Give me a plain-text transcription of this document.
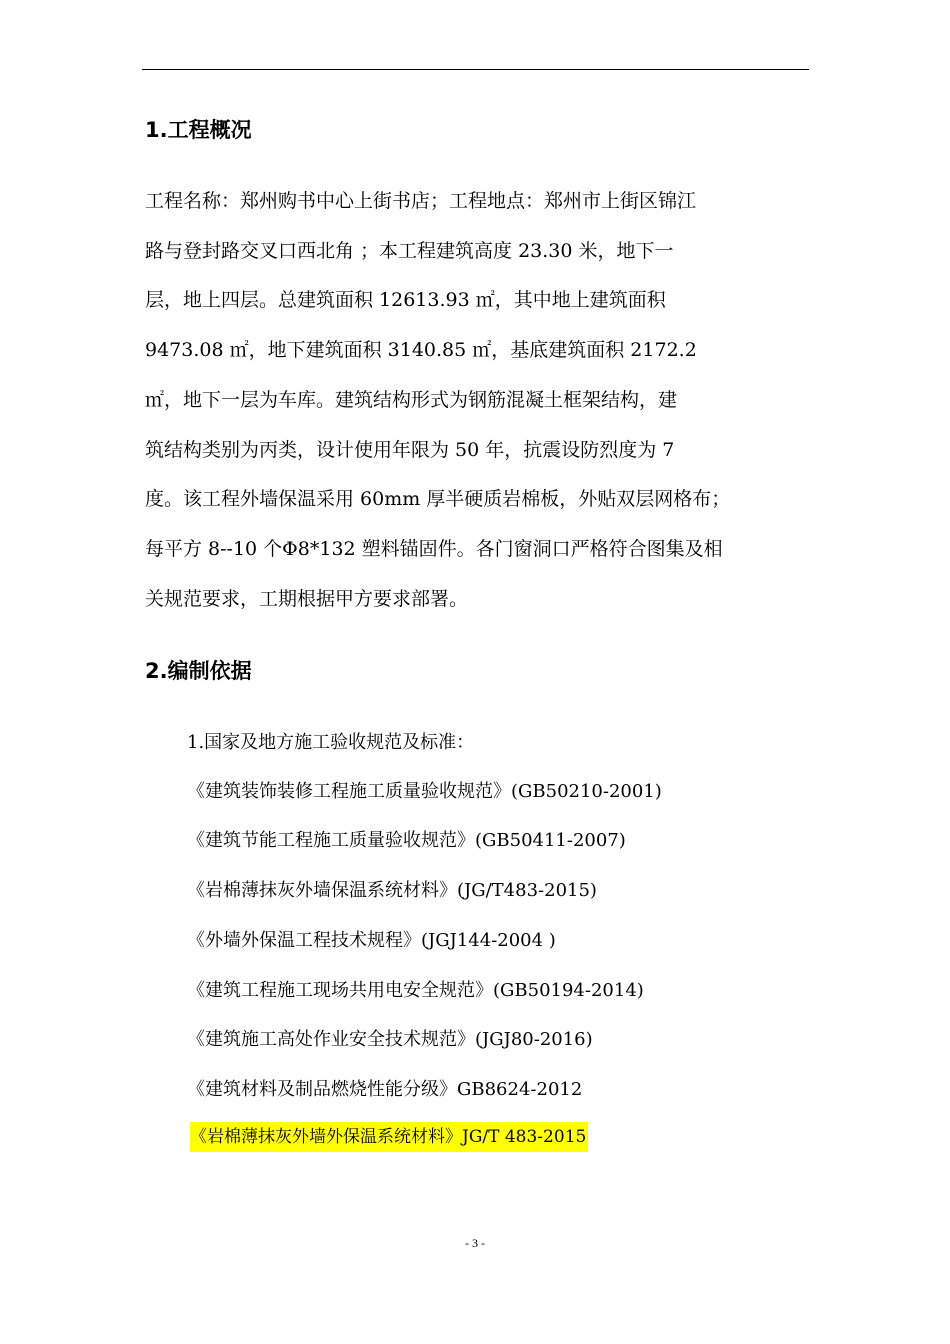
1.工程概况

工程名称：郑州购书中心上街书店；工程地点：郑州市上街区锦江

路与登封路交叉口西北角 ；本工程建筑高度 23.30 米，地下一

层，地上四层。总建筑面积 12613.93 ㎡，其中地上建筑面积

9473.08 ㎡，地下建筑面积 3140.85 ㎡，基底建筑面积 2172.2

㎡，地下一层为车库。建筑结构形式为钢筋混凝土框架结构，建

筑结构类别为丙类，设计使用年限为 50 年，抗震设防烈度为 7

度。该工程外墙保温采用 60mm 厚半硬质岩棉板，外贴双层网格布；

每平方 8--10 个Φ8*132 塑料锚固件。各门窗洞口严格符合图集及相

关规范要求，工期根据甲方要求部署。

2.编制依据

1.国家及地方施工验收规范及标准：

《建筑装饰装修工程施工质量验收规范》(GB50210-2001)

《建筑节能工程施工质量验收规范》(GB50411-2007)

《岩棉薄抹灰外墙保温系统材料》(JG/T483-2015)

《外墙外保温工程技术规程》(JGJ144-2004 )

《建筑工程施工现场共用电安全规范》(GB50194-2014)

《建筑施工高处作业安全技术规范》(JGJ80-2016)

《建筑材料及制品燃烧性能分级》GB8624-2012

《岩棉薄抹灰外墙外保温系统材料》JG/T 483-2015

- 3 -
